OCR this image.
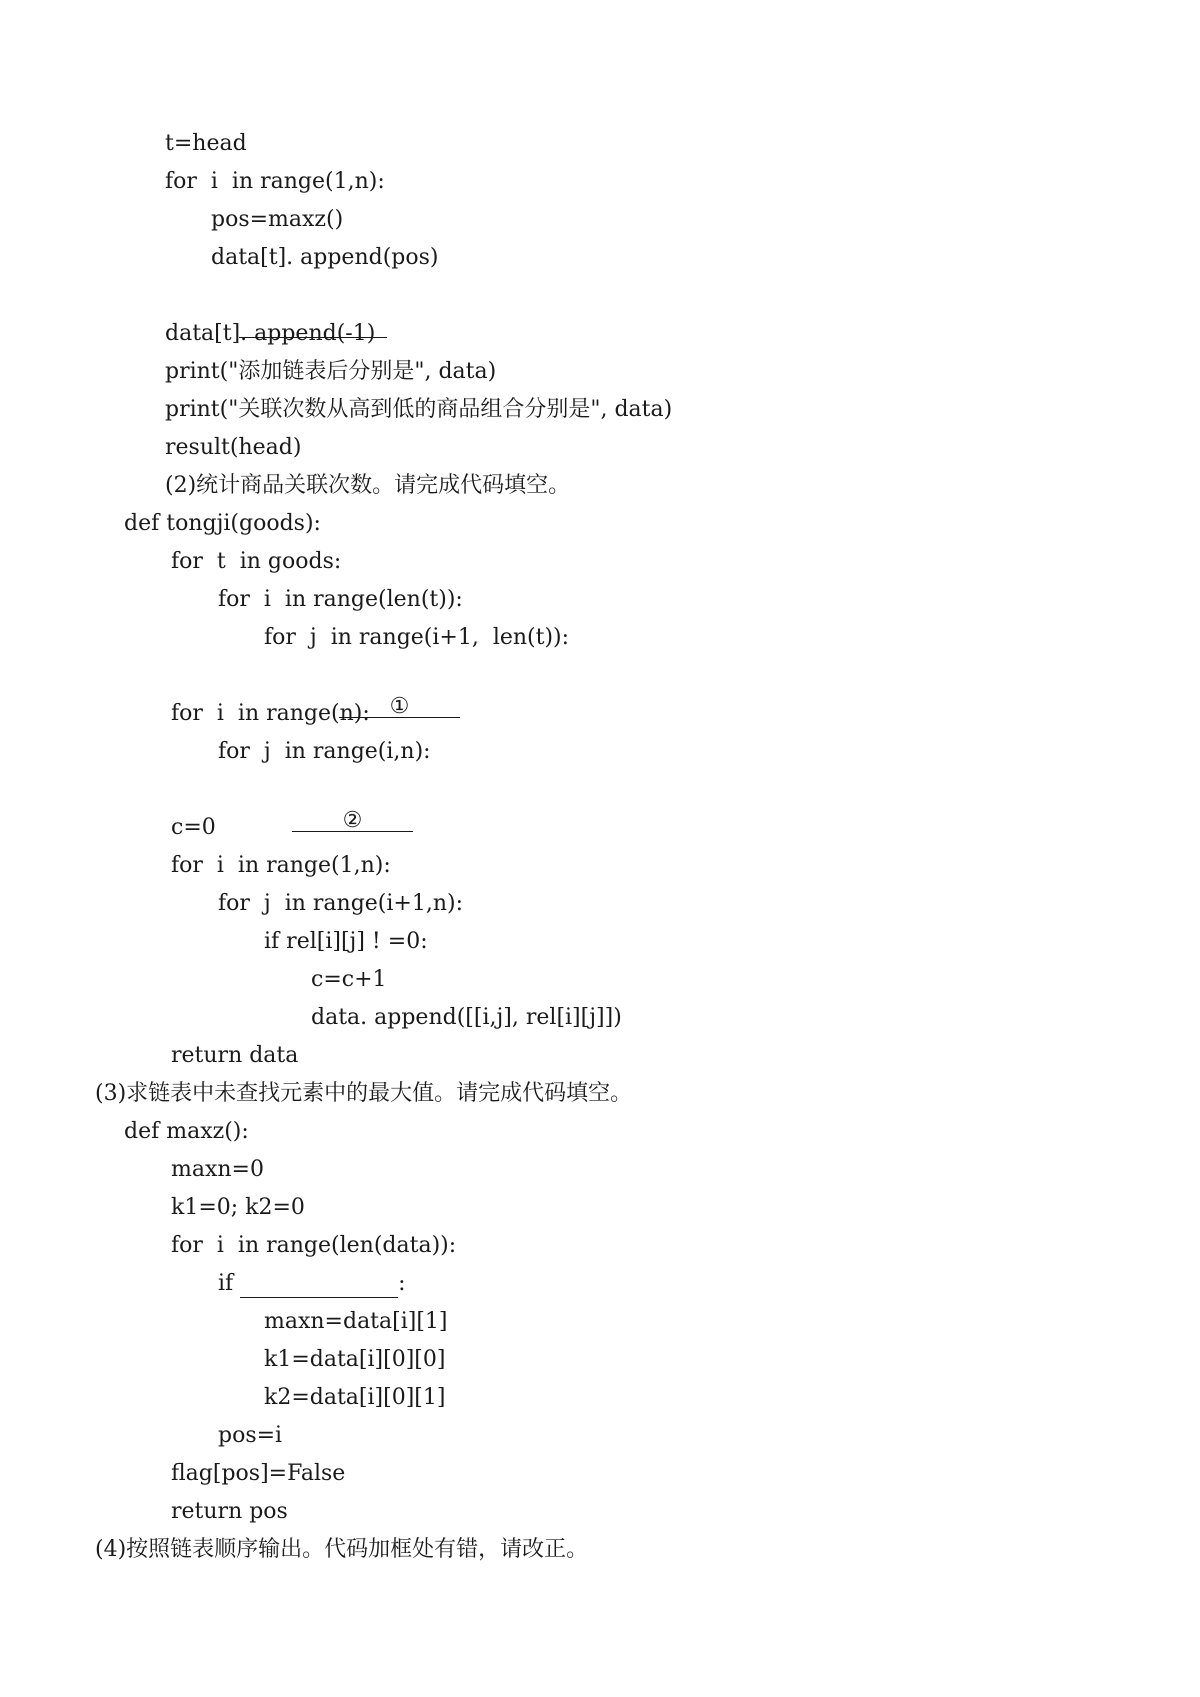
t=head
for  i  in range(1,n):
pos=maxz()
data[t]. append(pos)

data[t]. append(-1)
print("添加链表后分别是", data)
print("关联次数从高到低的商品组合分别是", data)
result(head)
(2)统计商品关联次数。请完成代码填空。
def tongji(goods):
for  t  in goods:
for  i  in range(len(t)):
for  j  in range(i+1,  len(t)):

①

for  i  in range(n):
for  j  in range(i,n):

②

c=0
for  i  in range(1,n):
for  j  in range(i+1,n):
if rel[i][j] ! =0:
c=c+1
data. append([[i,j], rel[i][j]])
return data
(3)求链表中未查找元素中的最大值。请完成代码填空。
def maxz():
maxn=0
k1=0; k2=0
for  i  in range(len(data)):
if	:
maxn=data[i][1]
k1=data[i][0][0]
k2=data[i][0][1]
pos=i
flag[pos]=False
return pos
(4)按照链表顺序输出。代码加框处有错，请改正。
